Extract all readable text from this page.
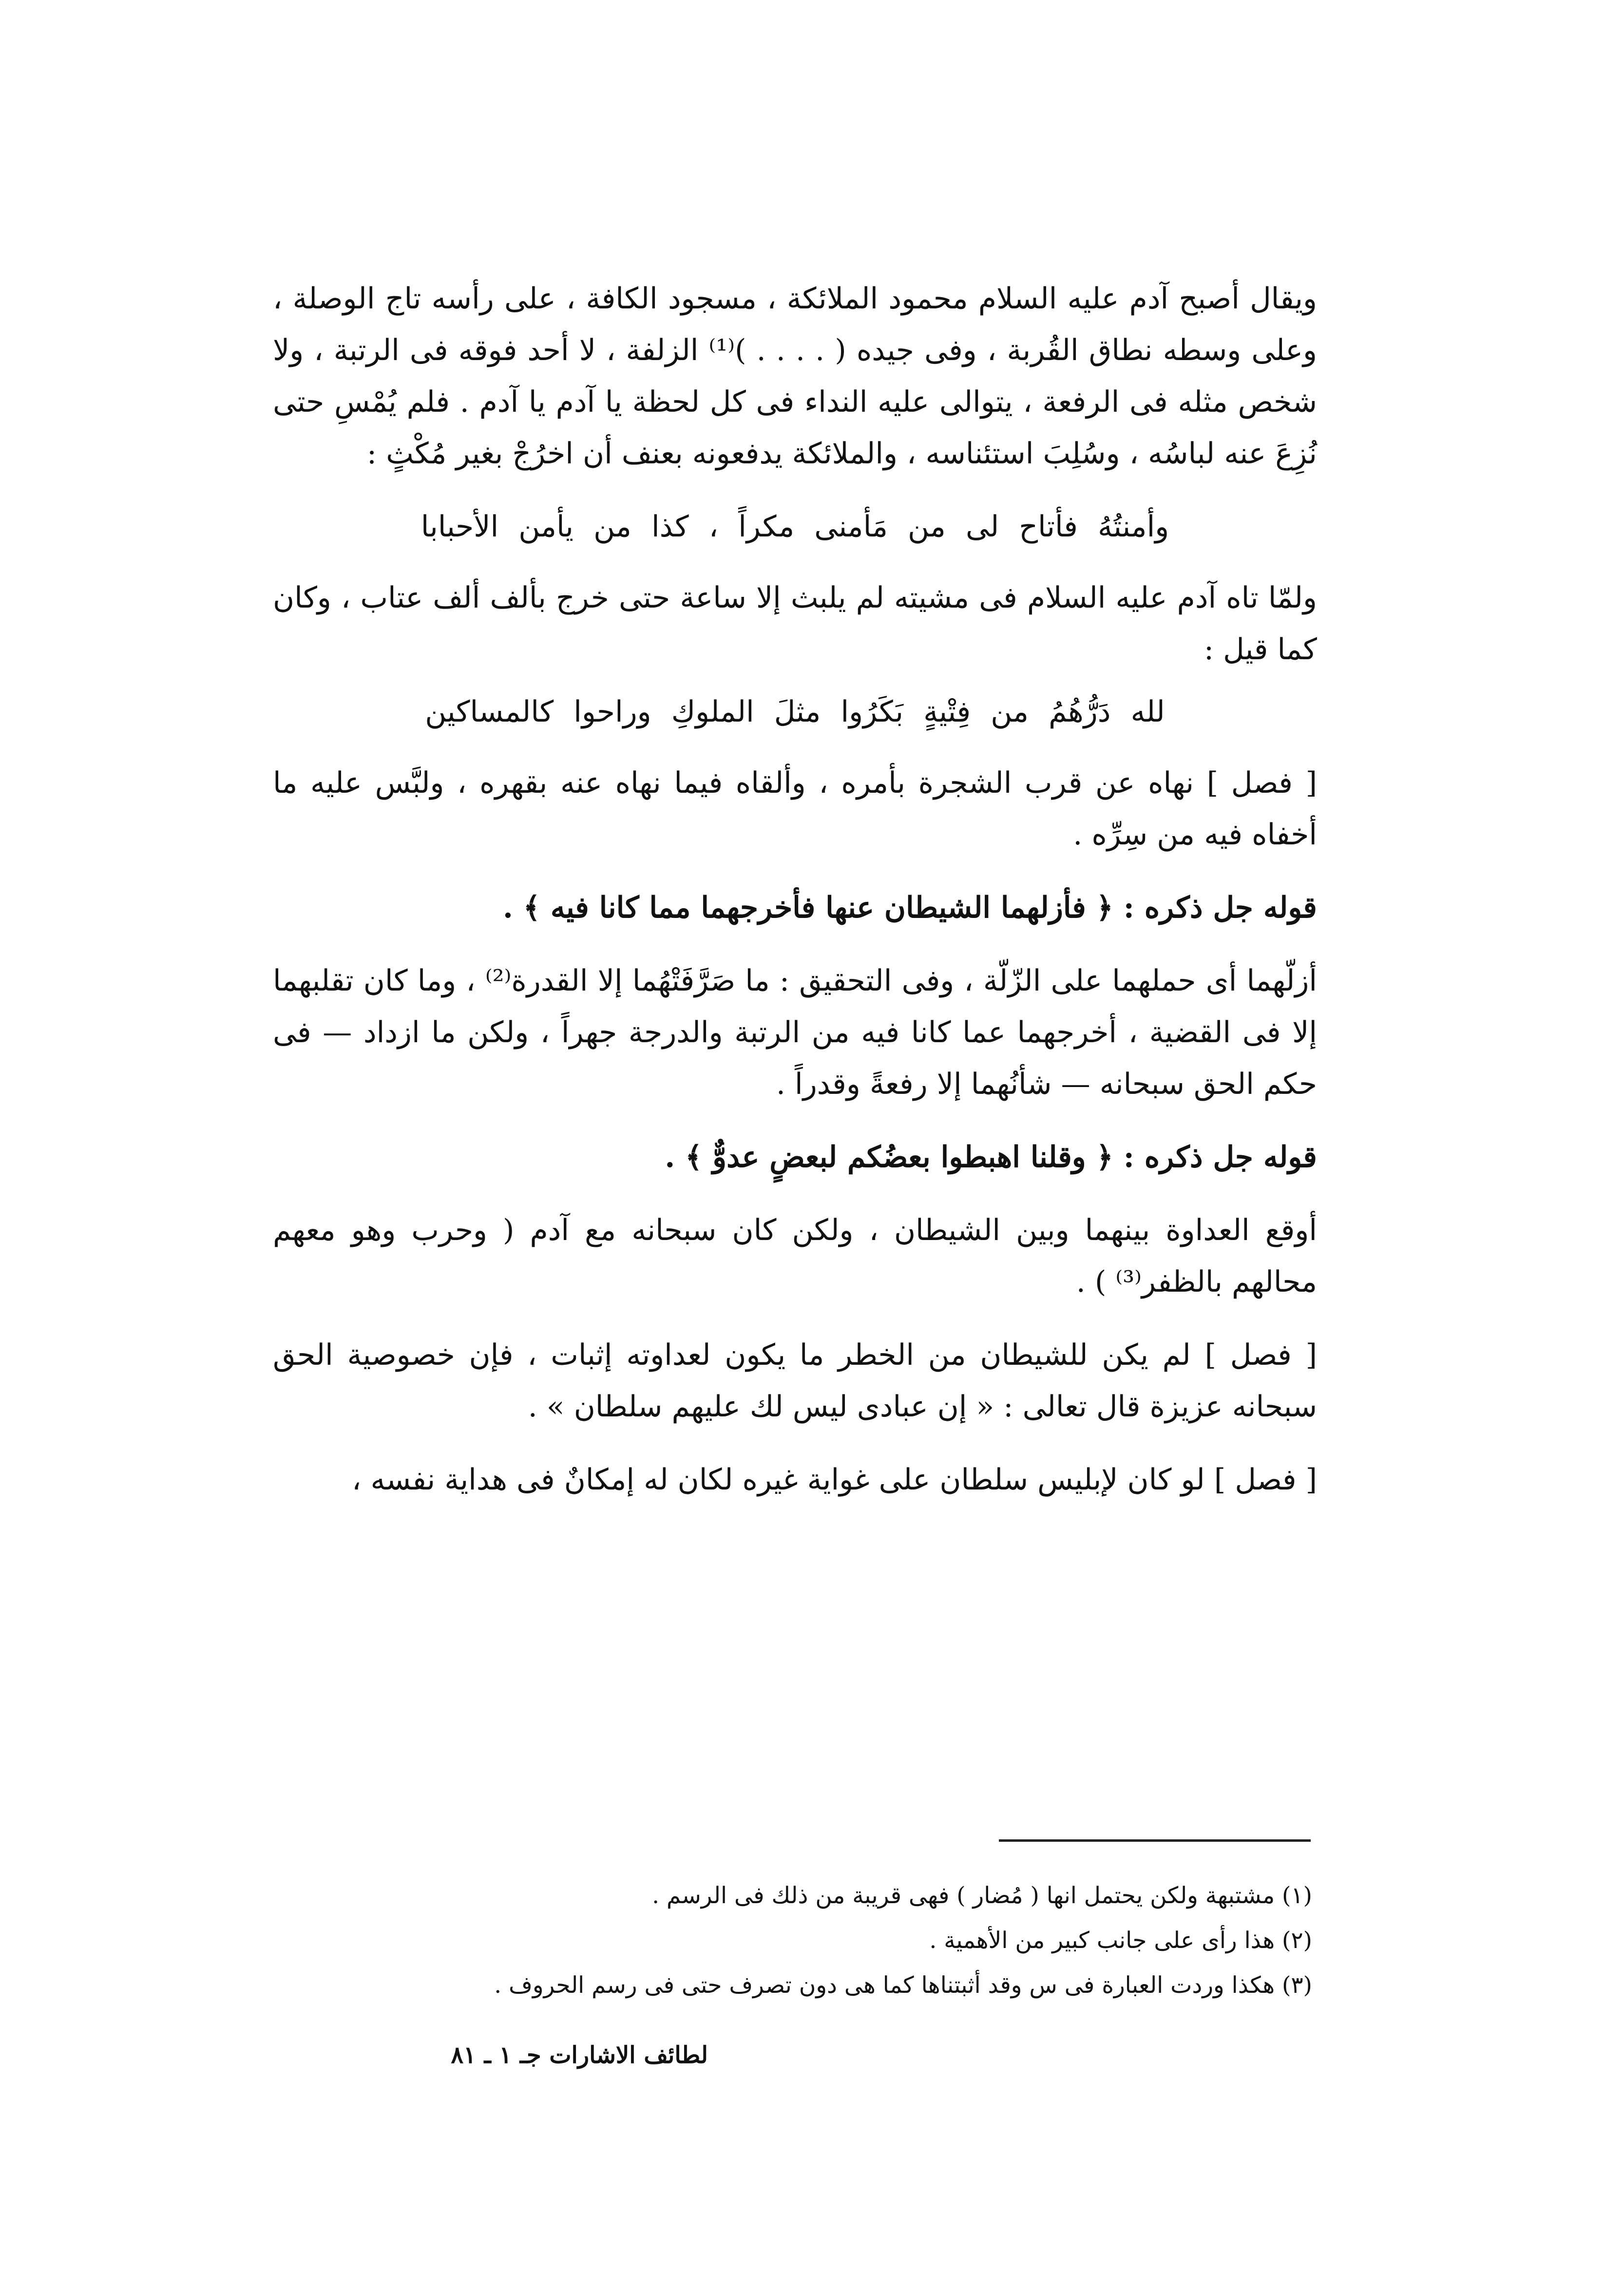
ويقال أصبح آدم عليه السلام محمود الملائكة ، مسجود الكافة ، على رأسه تاج الوصلة ، وعلى وسطه نطاق القُربة ، وفى جيده ( . . . . )⁽¹⁾ الزلفة ، لا أحد فوقه فى الرتبة ، ولا شخص مثله فى الرفعة ، يتوالى عليه النداء فى كل لحظة يا آدم يا آدم . فلم يُمْسِ حتى نُزِعَ عنه لباسُه ، وسُلِبَ استئناسه ، والملائكة يدفعونه بعنف أن اخرُجْ بغير مُكْثٍ :

وأمنتُهُ فأتاح لى من مَأمنى مكراً ، كذا من يأمن الأحبابا

ولمّا تاه آدم عليه السلام فى مشيته لم يلبث إلا ساعة حتى خرج بألف ألف عتاب ، وكان كما قيل :

لله دَرُّهُمُ من فِتْيةٍ بَكَرُوا مثلَ الملوكِ وراحوا كالمساكين

[ فصل ] نهاه عن قرب الشجرة بأمره ، وألقاه فيما نهاه عنه بقهره ، ولبَّس عليه ما أخفاه فيه من سِرِّه .

قوله جل ذكره : ﴿ فأزلهما الشيطان عنها فأخرجهما مما كانا فيه ﴾ .

أزلّهما أى حملهما على الزّلّة ، وفى التحقيق : ما صَرَّفَتْهُما إلا القدرة⁽²⁾ ، وما كان تقلبهما إلا فى القضية ، أخرجهما عما كانا فيه من الرتبة والدرجة جهراً ، ولكن ما ازداد — فى حكم الحق سبحانه — شأنُهما إلا رفعةً وقدراً .

قوله جل ذكره : ﴿ وقلنا اهبطوا بعضُكم لبعضٍ عدوٌّ ﴾ .

أوقع العداوة بينهما وبين الشيطان ، ولكن كان سبحانه مع آدم ( وحرب وهو معهم محالهم بالظفر⁽³⁾ ) .

[ فصل ] لم يكن للشيطان من الخطر ما يكون لعداوته إثبات ، فإن خصوصية الحق سبحانه عزيزة قال تعالى : « إن عبادى ليس لك عليهم سلطان » .

[ فصل ] لو كان لإبليس سلطان على غواية غيره لكان له إمكانٌ فى هداية نفسه ،

(١) مشتبهة ولكن يحتمل انها ( مُضار ) فهى قريبة من ذلك فى الرسم .

(٢) هذا رأى على جانب كبير من الأهمية .

(٣) هكذا وردت العبارة فى س وقد أثبتناها كما هى دون تصرف حتى فى رسم الحروف .

لطائف الاشارات جـ ١ ـ ٨١
